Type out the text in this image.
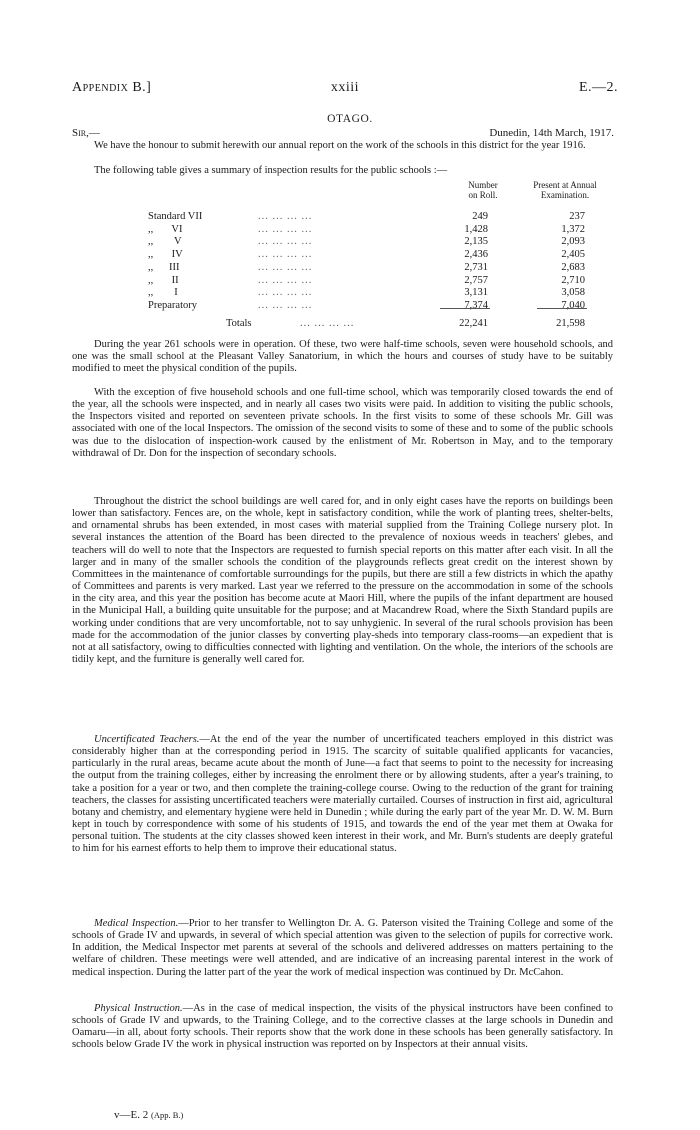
Appendix B.]	xxiii	E.—2.
OTAGO.
Sir,—	Dunedin, 14th March, 1917.

We have the honour to submit herewith our annual report on the work of the schools in this district for the year 1916.

The following table gives a summary of inspection results for the public schools :—

Number
on Roll.
Present at Annual
Examination.
Standard VII	... ... ... ...	249	237
,,       VI	... ... ... ...	1,428	1,372
,,        V	... ... ... ...	2,135	2,093
,,       IV	... ... ... ...	2,436	2,405
,,      III	... ... ... ...	2,731	2,683
,,       II	... ... ... ...	2,757	2,710
,,        I	... ... ... ...	3,131	3,058
Preparatory	... ... ... ...	7,374	7,040
Totals	... ... ... ...	22,241	21,598

During the year 261 schools were in operation. Of these, two were half-time schools, seven were household schools, and one was the small school at the Pleasant Valley Sanatorium, in which the hours and courses of study have to be suitably modified to meet the physical condition of the pupils.

With the exception of five household schools and one full-time school, which was temporarily closed towards the end of the year, all the schools were inspected, and in nearly all cases two visits were paid. In addition to visiting the public schools, the Inspectors visited and reported on seventeen private schools. In the first visits to some of these schools Mr. Gill was associated with one of the local Inspectors. The omission of the second visits to some of these and to some of the public schools was due to the dislocation of inspection-work caused by the enlistment of Mr. Robertson in May, and to the temporary withdrawal of Dr. Don for the inspection of secondary schools.

Throughout the district the school buildings are well cared for, and in only eight cases have the reports on buildings been lower than satisfactory. Fences are, on the whole, kept in satisfactory condition, while the work of planting trees, shelter-belts, and ornamental shrubs has been extended, in most cases with material supplied from the Training College nursery plot. In several instances the attention of the Board has been directed to the prevalence of noxious weeds in teachers' glebes, and teachers will do well to note that the Inspectors are requested to furnish special reports on this matter after each visit. In all the larger and in many of the smaller schools the condition of the playgrounds reflects great credit on the interest shown by Committees in the maintenance of comfortable surroundings for the pupils, but there are still a few districts in which the apathy of Committees and parents is very marked. Last year we referred to the pressure on the accommodation in some of the schools in the city area, and this year the position has become acute at Maori Hill, where the pupils of the infant department are housed in the Municipal Hall, a building quite unsuitable for the purpose; and at Macandrew Road, where the Sixth Standard pupils are working under conditions that are very uncomfortable, not to say unhygienic. In several of the rural schools provision has been made for the accommodation of the junior classes by converting play-sheds into temporary class-rooms—an expedient that is not at all satisfactory, owing to difficulties connected with lighting and ventilation. On the whole, the interiors of the schools are tidily kept, and the furniture is generally well cared for.

Uncertificated Teachers.—At the end of the year the number of uncertificated teachers employed in this district was considerably higher than at the corresponding period in 1915. The scarcity of suitable qualified applicants for vacancies, particularly in the rural areas, became acute about the month of June—a fact that seems to point to the necessity for increasing the output from the training colleges, either by increasing the enrolment there or by allowing students, after a year's training, to take a position for a year or two, and then complete the training-college course. Owing to the reduction of the grant for training teachers, the classes for assisting uncertificated teachers were materially curtailed. Courses of instruction in first aid, agricultural botany and chemistry, and elementary hygiene were held in Dunedin ; while during the early part of the year Mr. D. W. M. Burn kept in touch by correspondence with some of his students of 1915, and towards the end of the year met them at Owaka for personal tuition. The students at the city classes showed keen interest in their work, and Mr. Burn's students are deeply grateful to him for his earnest efforts to help them to improve their educational status.

Medical Inspection.—Prior to her transfer to Wellington Dr. A. G. Paterson visited the Training College and some of the schools of Grade IV and upwards, in several of which special attention was given to the selection of pupils for corrective work. In addition, the Medical Inspector met parents at several of the schools and delivered addresses on matters pertaining to the welfare of children. These meetings were well attended, and are indicative of an increasing parental interest in the work of medical inspection. During the latter part of the year the work of medical inspection was continued by Dr. McCahon.

Physical Instruction.—As in the case of medical inspection, the visits of the physical instructors have been confined to schools of Grade IV and upwards, to the Training College, and to the corrective classes at the large schools in Dunedin and Oamaru—in all, about forty schools. Their reports show that the work done in these schools has been generally satisfactory. In schools below Grade IV the work in physical instruction was reported on by Inspectors at their annual visits.

v—E. 2 (App. B.)
